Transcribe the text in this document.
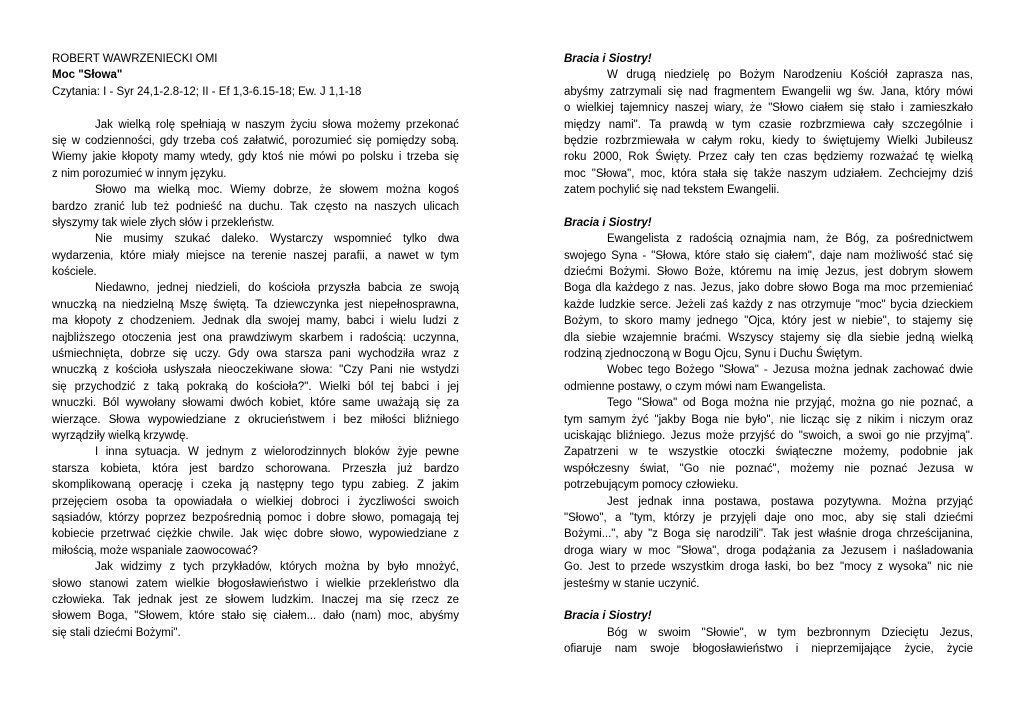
ROBERT WAWRZENIECKI OMI
Moc "Słowa"
Czytania: I - Syr 24,1-2.8-12; II - Ef 1,3-6.15-18; Ew. J 1,1-18
Jak wielką rolę spełniają w naszym życiu słowa możemy przekonać
się w codzienności, gdy trzeba coś załatwić, porozumieć się pomiędzy sobą.
Wiemy jakie kłopoty mamy wtedy, gdy ktoś nie mówi po polsku i trzeba się
z nim porozumieć w innym języku.
Słowo ma wielką moc. Wiemy dobrze, że słowem można kogoś
bardzo zranić lub też podnieść na duchu. Tak często na naszych ulicach
słyszymy tak wiele złych słów i przekleństw.
Nie musimy szukać daleko. Wystarczy wspomnieć tylko dwa
wydarzenia, które miały miejsce na terenie naszej parafii, a nawet w tym
kościele.
Niedawno, jednej niedzieli, do kościoła przyszła babcia ze swoją
wnuczką na niedzielną Mszę świętą. Ta dziewczynka jest niepełnosprawna,
ma kłopoty z chodzeniem. Jednak dla swojej mamy, babci i wielu ludzi z
najbliższego otoczenia jest ona prawdziwym skarbem i radością: uczynna,
uśmiechnięta, dobrze się uczy. Gdy owa starsza pani wychodziła wraz z
wnuczką z kościoła usłyszała nieoczekiwane słowa: "Czy Pani nie wstydzi
się przychodzić z taką pokraką do kościoła?". Wielki ból tej babci i jej
wnuczki. Ból wywołany słowami dwóch kobiet, które same uważają się za
wierzące. Słowa wypowiedziane z okrucieństwem i bez miłości bliźniego
wyrządziły wielką krzywdę.
I inna sytuacja. W jednym z wielorodzinnych bloków żyje pewne
starsza kobieta, która jest bardzo schorowana. Przeszła już bardzo
skomplikowaną operację i czeka ją następny tego typu zabieg. Z jakim
przejęciem osoba ta opowiadała o wielkiej dobroci i życzliwości swoich
sąsiadów, którzy poprzez bezpośrednią pomoc i dobre słowo, pomagają tej
kobiecie przetrwać ciężkie chwile. Jak więc dobre słowo, wypowiedziane z
miłością, może wspaniale zaowocować?
Jak widzimy z tych przykładów, których można by było mnożyć,
słowo stanowi zatem wielkie błogosławieństwo i wielkie przekleństwo dla
człowieka. Tak jednak jest ze słowem ludzkim. Inaczej ma się rzecz ze
słowem Boga, "Słowem, które stało się ciałem... dało (nam) moc, abyśmy
się stali dziećmi Bożymi".
Bracia i Siostry!
W drugą niedzielę po Bożym Narodzeniu Kościół zaprasza nas,
abyśmy zatrzymali się nad fragmentem Ewangelii wg św. Jana, który mówi
o wielkiej tajemnicy naszej wiary, że "Słowo ciałem się stało i zamieszkało
między nami". Ta prawdą w tym czasie rozbrzmiewa cały szczególnie i
będzie rozbrzmiewała w całym roku, kiedy to świętujemy Wielki Jubileusz
roku 2000, Rok Święty. Przez cały ten czas będziemy rozważać tę wielką
moc "Słowa", moc, która stała się także naszym udziałem. Zechciejmy dziś
zatem pochylić się nad tekstem Ewangelii.
Bracia i Siostry!
Ewangelista z radością oznajmia nam, że Bóg, za pośrednictwem
swojego Syna - "Słowa, które stało się ciałem", daje nam możliwość stać się
dziećmi Bożymi. Słowo Boże, któremu na imię Jezus, jest dobrym słowem
Boga dla każdego z nas. Jezus, jako dobre słowo Boga ma moc przemieniać
każde ludzkie serce. Jeżeli zaś każdy z nas otrzymuje "moc" bycia dzieckiem
Bożym, to skoro mamy jednego "Ojca, który jest w niebie", to stajemy się
dla siebie wzajemnie braćmi. Wszyscy stajemy się dla siebie jedną wielką
rodziną zjednoczoną w Bogu Ojcu, Synu i Duchu Świętym.
Wobec tego Bożego "Słowa" - Jezusa można jednak zachować dwie
odmienne postawy, o czym mówi nam Ewangelista.
Tego "Słowa" od Boga można nie przyjąć, można go nie poznać, a
tym samym żyć "jakby Boga nie było", nie licząc się z nikim i niczym oraz
uciskając bliźniego. Jezus może przyjść do "swoich, a swoi go nie przyjmą".
Zapatrzeni w te wszystkie otoczki świąteczne możemy, podobnie jak
współczesny świat, "Go nie poznać", możemy nie poznać Jezusa w
potrzebującym pomocy człowieku.
Jest jednak inna postawa, postawa pozytywna. Można przyjąć
"Słowo", a "tym, którzy je przyjęli daje ono moc, aby się stali dziećmi
Bożymi...", aby "z Boga się narodzili". Tak jest właśnie droga chrześcijanina,
droga wiary w moc "Słowa", droga podążania za Jezusem i naśladowania
Go. Jest to przede wszystkim droga łaski, bo bez "mocy z wysoka" nic nie
jesteśmy w stanie uczynić.
Bracia i Siostry!
Bóg w swoim "Słowie", w tym bezbronnym Dzieciętu Jezus,
ofiaruje nam swoje błogosławieństwo i nieprzemijające życie, życie
